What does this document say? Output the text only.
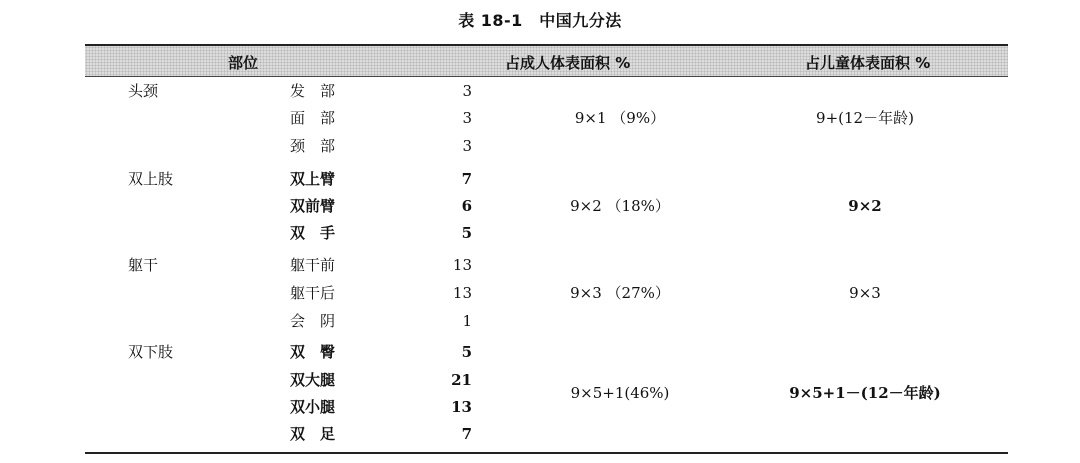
表 18-1　中国九分法
部位	占成人体表面积 %	占儿童体表面积 %
头颈	发　部	3
面　部	3
颈　部	3
9×1 （9%）	9+(12－年龄)
双上肢	双上臂	7
双前臂	6
双　手	5
9×2 （18%）	9×2
躯干	躯干前	13
躯干后	13
会　阴	1
9×3 （27%）	9×3
双下肢	双　臀	5
双大腿	21
双小腿	13
双　足	7
9×5+1(46%)	9×5+1－(12－年龄)
